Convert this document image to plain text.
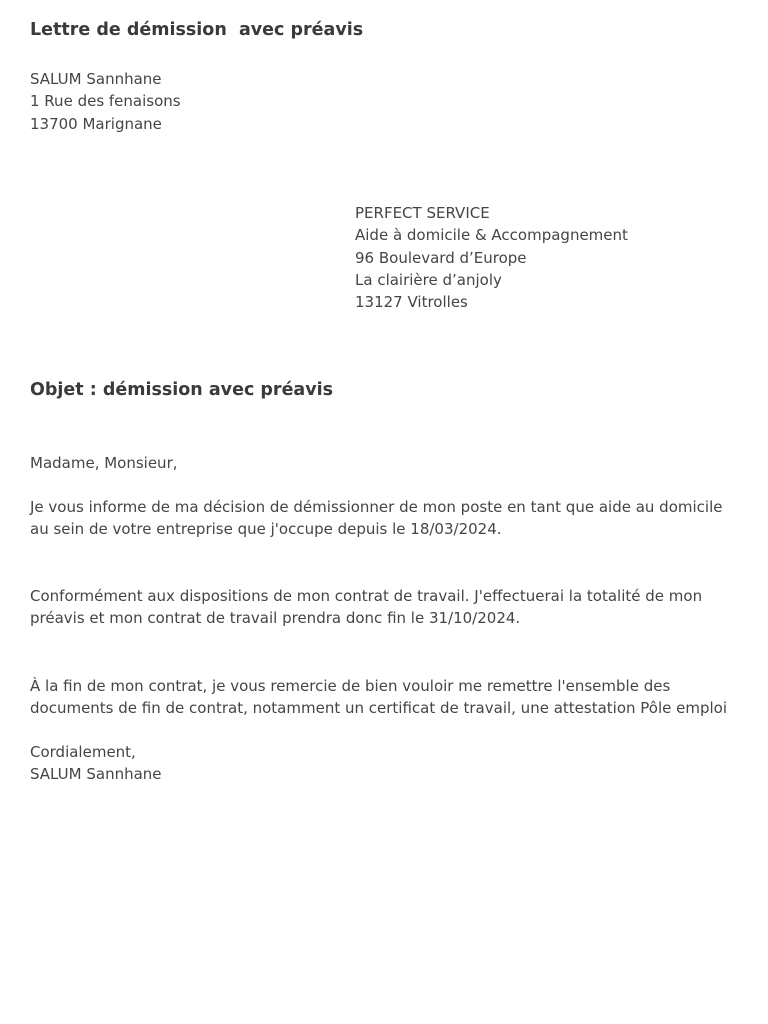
Lettre de démission  avec préavis
SALUM Sannhane
1 Rue des fenaisons
13700 Marignane
PERFECT SERVICE
Aide à domicile & Accompagnement
96 Boulevard d’Europe
La clairière d’anjoly
13127 Vitrolles
Objet : démission avec préavis
Madame, Monsieur,
Je vous informe de ma décision de démissionner de mon poste en tant que aide au domicile
au sein de votre entreprise que j'occupe depuis le 18/03/2024.
Conformément aux dispositions de mon contrat de travail. J'effectuerai la totalité de mon
préavis et mon contrat de travail prendra donc fin le 31/10/2024.
À la fin de mon contrat, je vous remercie de bien vouloir me remettre l'ensemble des
documents de fin de contrat, notamment un certificat de travail, une attestation Pôle emploi
Cordialement,
SALUM Sannhane
